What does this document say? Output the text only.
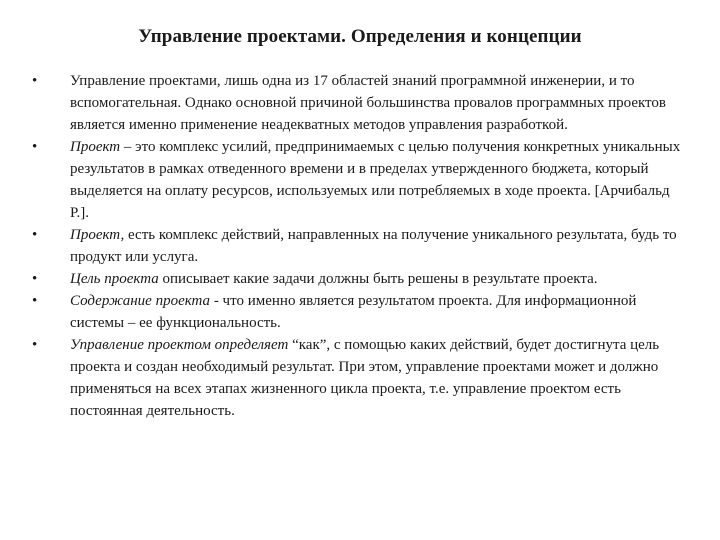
Управление проектами. Определения и концепции
•	Управление проектами, лишь одна из 17 областей знаний программной инженерии, и то вспомогательная. Однако основной причиной большинства провалов программных проектов является именно применение неадекватных методов управления разработкой.
•	Проект – это комплекс усилий, предпринимаемых с целью получения конкретных уникальных результатов в рамках отведенного времени и в пределах утвержденного бюджета, который выделяется на оплату ресурсов, используемых или потребляемых в ходе проекта. [Арчибальд Р.].
•	Проект, есть комплекс действий, направленных на получение уникального результата, будь то продукт или услуга.
•	Цель проекта описывает какие задачи должны быть решены в результате проекта.
•	Содержание проекта - что именно является результатом проекта. Для информационной системы – ее функциональность.
•	Управление проектом определяет “как”, с помощью каких действий, будет достигнута цель проекта и создан необходимый результат. При этом, управление проектами может и должно применяться на всех этапах жизненного цикла проекта, т.е. управление проектом есть постоянная деятельность.
